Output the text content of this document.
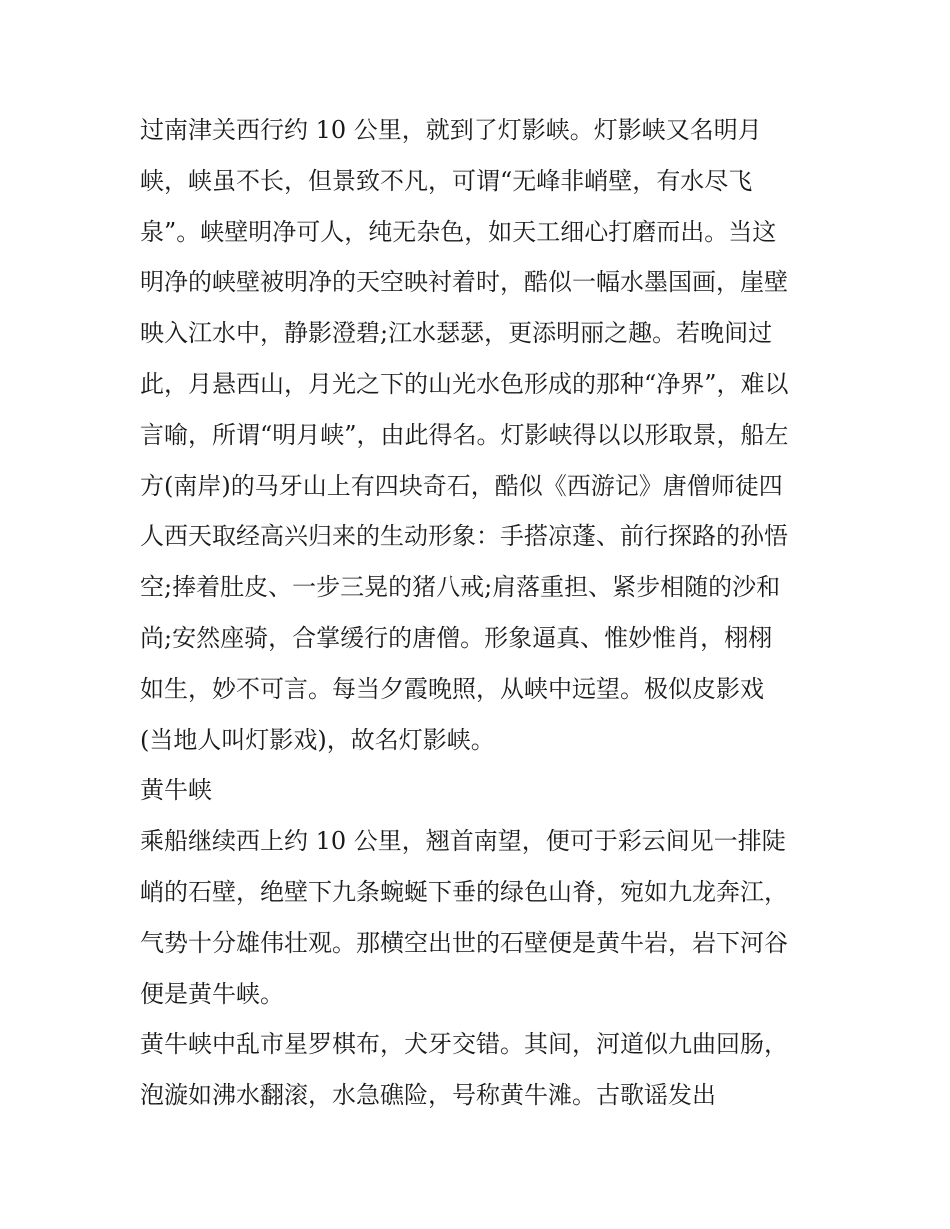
过南津关西行约 10 公里，就到了灯影峡。灯影峡又名明月
峡，峡虽不长，但景致不凡，可谓“无峰非峭壁，有水尽飞
泉”。峡壁明净可人，纯无杂色，如天工细心打磨而出。当这
明净的峡壁被明净的天空映衬着时，酷似一幅水墨国画，崖壁
映入江水中，静影澄碧;江水瑟瑟，更添明丽之趣。若晚间过
此，月悬西山，月光之下的山光水色形成的那种“净界”，难以
言喻，所谓“明月峡”，由此得名。灯影峡得以以形取景，船左
方(南岸)的马牙山上有四块奇石，酷似《西游记》唐僧师徒四
人西天取经高兴归来的生动形象：手搭凉蓬、前行探路的孙悟
空;捧着肚皮、一步三晃的猪八戒;肩落重担、紧步相随的沙和
尚;安然座骑，合掌缓行的唐僧。形象逼真、惟妙惟肖，栩栩
如生，妙不可言。每当夕霞晚照，从峡中远望。极似皮影戏
(当地人叫灯影戏)，故名灯影峡。
黄牛峡
乘船继续西上约 10 公里，翘首南望，便可于彩云间见一排陡
峭的石壁，绝壁下九条蜿蜒下垂的绿色山脊，宛如九龙奔江，
气势十分雄伟壮观。那横空出世的石壁便是黄牛岩，岩下河谷
便是黄牛峡。
黄牛峡中乱市星罗棋布，犬牙交错。其间，河道似九曲回肠，
泡漩如沸水翻滚，水急礁险，号称黄牛滩。古歌谣发出
